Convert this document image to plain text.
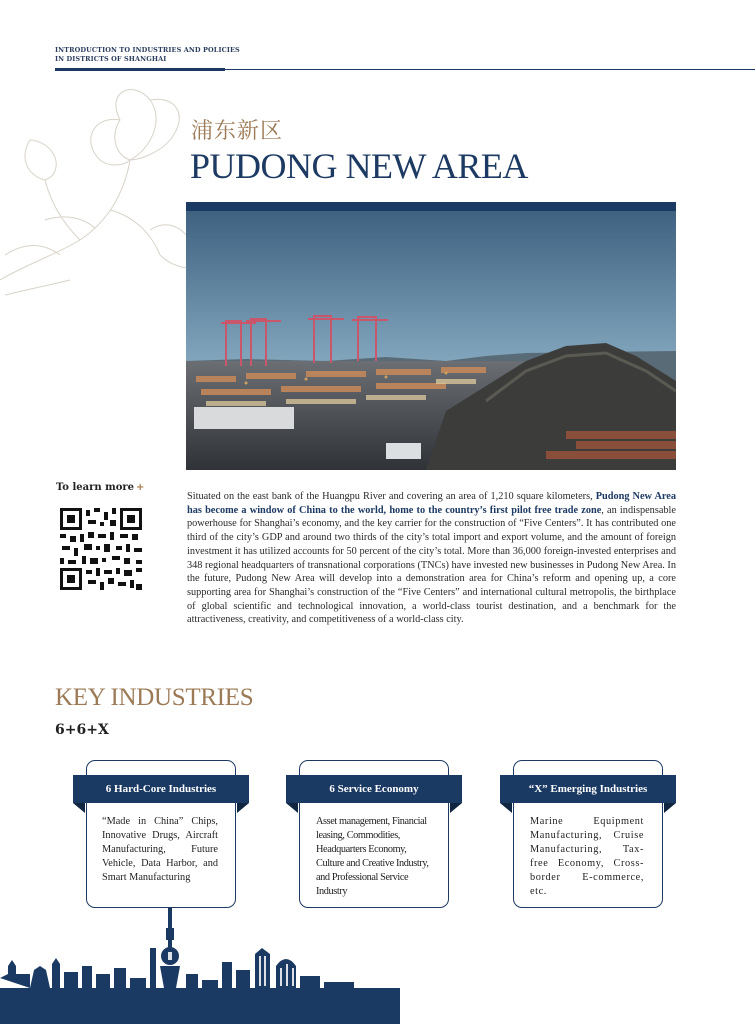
INTRODUCTION TO INDUSTRIES AND POLICIES
IN DISTRICTS OF SHANGHAI
浦东新区
PUDONG NEW AREA
To learn more +

Situated on the east bank of the Huangpu River and covering an area of 1,210 square kilometers, Pudong New Area has become a window of China to the world, home to the country’s first pilot free trade zone, an indispensable powerhouse for Shanghai’s economy, and the key carrier for the construction of “Five Centers”. It has contributed one third of the city’s GDP and around two thirds of the city’s total import and export volume, and the amount of foreign investment it has utilized accounts for 50 percent of the city’s total. More than 36,000 foreign-invested enterprises and 348 regional headquarters of transnational corporations (TNCs) have invested new businesses in Pudong New Area. In the future, Pudong New Area will develop into a demonstration area for China’s reform and opening up, a core supporting area for Shanghai’s construction of the “Five Centers” and international cultural metropolis, the birthplace of global scientific and technological innovation, a world-class tourist destination, and a benchmark for the attractiveness, creativity, and competitiveness of a world-class city.

KEY INDUSTRIES
6+6+X
6 Hard-Core Industries
“Made in China” Chips, Innovative Drugs, Aircraft Manufacturing, Future Vehicle, Data Harbor, and Smart Manufacturing
6 Service Economy
Asset management, Financial leasing, Commodities, Headquarters Economy, Culture and Creative Industry, and Professional Service Industry
“X” Emerging Industries
Marine Equipment Manufacturing, Cruise Manufacturing, Tax-free Economy, Cross-border E-commerce, etc.
